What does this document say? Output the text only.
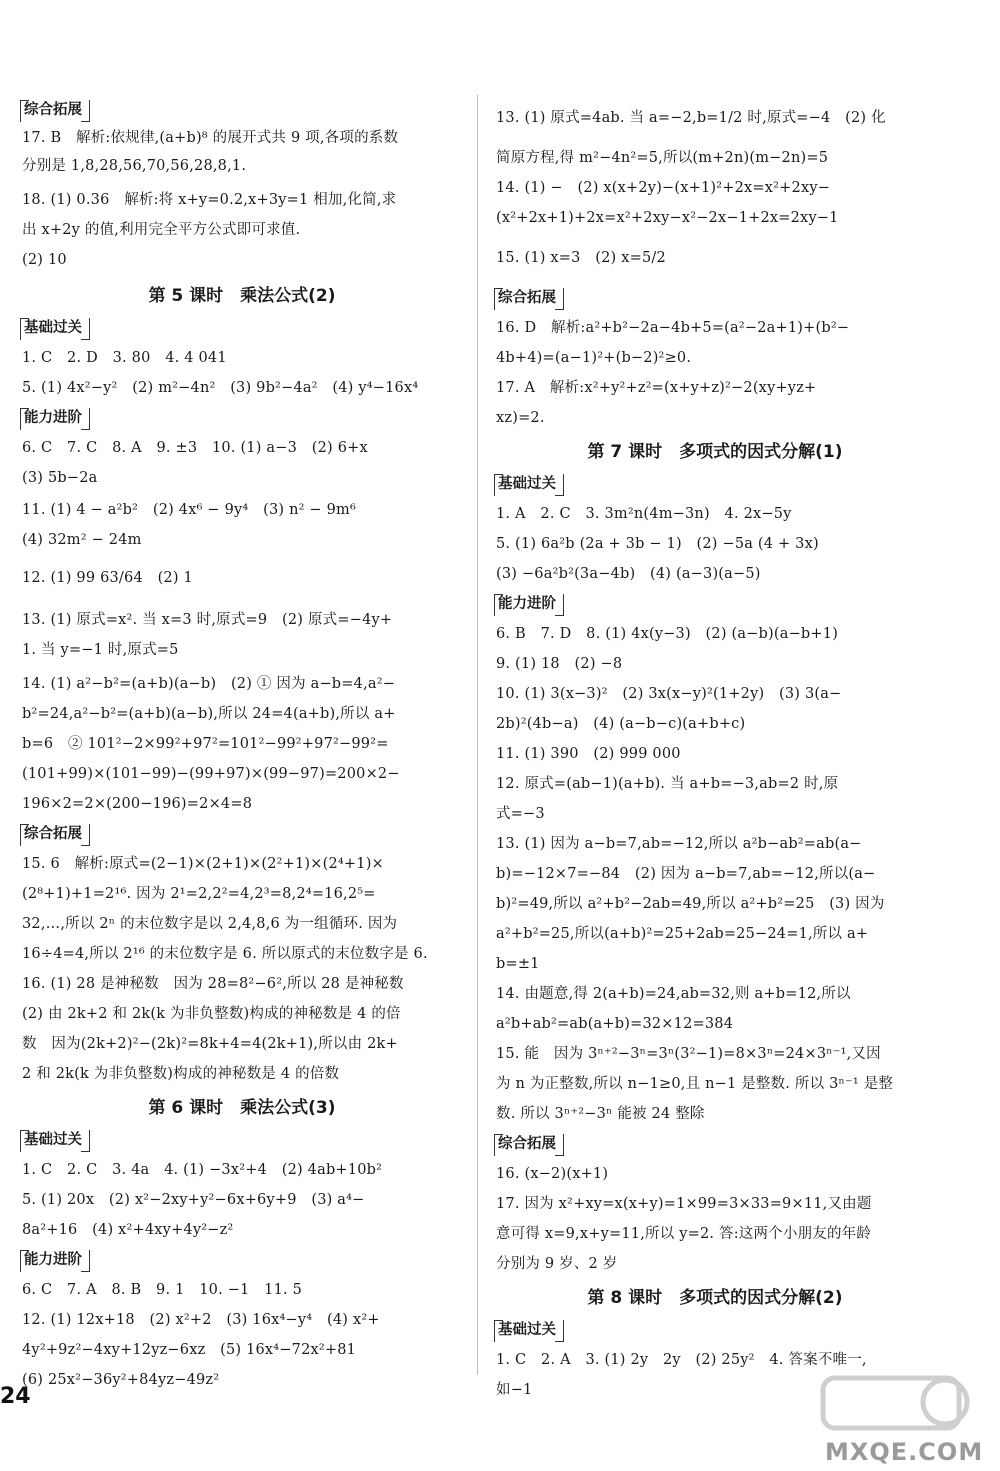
综合拓展
17. B　解析:依规律,(a+b)⁸ 的展开式共 9 项,各项的系数
分别是 1,8,28,56,70,56,28,8,1.
18. (1) 0.36　解析:将 x+y=0.2,x+3y=1 相加,化简,求
出 x+2y 的值,利用完全平方公式即可求值.
(2) 10
第 5 课时　乘法公式(2)
基础过关
1. C　2. D　3. 80　4. 4 041
5. (1) 4x²−y²　(2) m²−4n²　(3) 9b²−4a²　(4) y⁴−16x⁴
能力进阶
6. C　7. C　8. A　9. ±3　10. (1) a−3　(2) 6+x
(3) 5b−2a
11. (1) 4 − a²b²　(2) 4x⁶ − 9y⁴　(3) n² − 9m⁶
(4) 32m² − 24m
12. (1) 99 63/64　(2) 1
13. (1) 原式=x². 当 x=3 时,原式=9　(2) 原式=−4y+
1. 当 y=−1 时,原式=5
14. (1) a²−b²=(a+b)(a−b)　(2) ① 因为 a−b=4,a²−
b²=24,a²−b²=(a+b)(a−b),所以 24=4(a+b),所以 a+
b=6　② 101²−2×99²+97²=101²−99²+97²−99²=
(101+99)×(101−99)−(99+97)×(99−97)=200×2−
196×2=2×(200−196)=2×4=8
综合拓展
15. 6　解析:原式=(2−1)×(2+1)×(2²+1)×(2⁴+1)×
(2⁸+1)+1=2¹⁶. 因为 2¹=2,2²=4,2³=8,2⁴=16,2⁵=
32,…,所以 2ⁿ 的末位数字是以 2,4,8,6 为一组循环. 因为
16÷4=4,所以 2¹⁶ 的末位数字是 6. 所以原式的末位数字是 6.
16. (1) 28 是神秘数　因为 28=8²−6²,所以 28 是神秘数
(2) 由 2k+2 和 2k(k 为非负整数)构成的神秘数是 4 的倍
数　因为(2k+2)²−(2k)²=8k+4=4(2k+1),所以由 2k+
2 和 2k(k 为非负整数)构成的神秘数是 4 的倍数
第 6 课时　乘法公式(3)
基础过关
1. C　2. C　3. 4a　4. (1) −3x²+4　(2) 4ab+10b²
5. (1) 20x　(2) x²−2xy+y²−6x+6y+9　(3) a⁴−
8a²+16　(4) x²+4xy+4y²−z²
能力进阶
6. C　7. A　8. B　9. 1　10. −1　11. 5
12. (1) 12x+18　(2) x²+2　(3) 16x⁴−y⁴　(4) x²+
4y²+9z²−4xy+12yz−6xz　(5) 16x⁴−72x²+81
(6) 25x²−36y²+84yz−49z²
13. (1) 原式=4ab. 当 a=−2,b=1/2 时,原式=−4　(2) 化
简原方程,得 m²−4n²=5,所以(m+2n)(m−2n)=5
14. (1) −　(2) x(x+2y)−(x+1)²+2x=x²+2xy−
(x²+2x+1)+2x=x²+2xy−x²−2x−1+2x=2xy−1
15. (1) x=3　(2) x=5/2
综合拓展
16. D　解析:a²+b²−2a−4b+5=(a²−2a+1)+(b²−
4b+4)=(a−1)²+(b−2)²≥0.
17. A　解析:x²+y²+z²=(x+y+z)²−2(xy+yz+
xz)=2.
第 7 课时　多项式的因式分解(1)
基础过关
1. A　2. C　3. 3m²n(4m−3n)　4. 2x−5y
5. (1) 6a²b (2a + 3b − 1)　(2) −5a (4 + 3x)
(3) −6a²b²(3a−4b)　(4) (a−3)(a−5)
能力进阶
6. B　7. D　8. (1) 4x(y−3)　(2) (a−b)(a−b+1)
9. (1) 18　(2) −8
10. (1) 3(x−3)²　(2) 3x(x−y)²(1+2y)　(3) 3(a−
2b)²(4b−a)　(4) (a−b−c)(a+b+c)
11. (1) 390　(2) 999 000
12. 原式=(ab−1)(a+b). 当 a+b=−3,ab=2 时,原
式=−3
13. (1) 因为 a−b=7,ab=−12,所以 a²b−ab²=ab(a−
b)=−12×7=−84　(2) 因为 a−b=7,ab=−12,所以(a−
b)²=49,所以 a²+b²−2ab=49,所以 a²+b²=25　(3) 因为
a²+b²=25,所以(a+b)²=25+2ab=25−24=1,所以 a+
b=±1
14. 由题意,得 2(a+b)=24,ab=32,则 a+b=12,所以
a²b+ab²=ab(a+b)=32×12=384
15. 能　因为 3ⁿ⁺²−3ⁿ=3ⁿ(3²−1)=8×3ⁿ=24×3ⁿ⁻¹,又因
为 n 为正整数,所以 n−1≥0,且 n−1 是整数. 所以 3ⁿ⁻¹ 是整
数. 所以 3ⁿ⁺²−3ⁿ 能被 24 整除
综合拓展
16. (x−2)(x+1)
17. 因为 x²+xy=x(x+y)=1×99=3×33=9×11,又由题
意可得 x=9,x+y=11,所以 y=2. 答:这两个小朋友的年龄
分别为 9 岁、2 岁
第 8 课时　多项式的因式分解(2)
基础过关
1. C　2. A　3. (1) 2y　2y　(2) 25y²　4. 答案不唯一,
如−1
24
MXQE.COM
